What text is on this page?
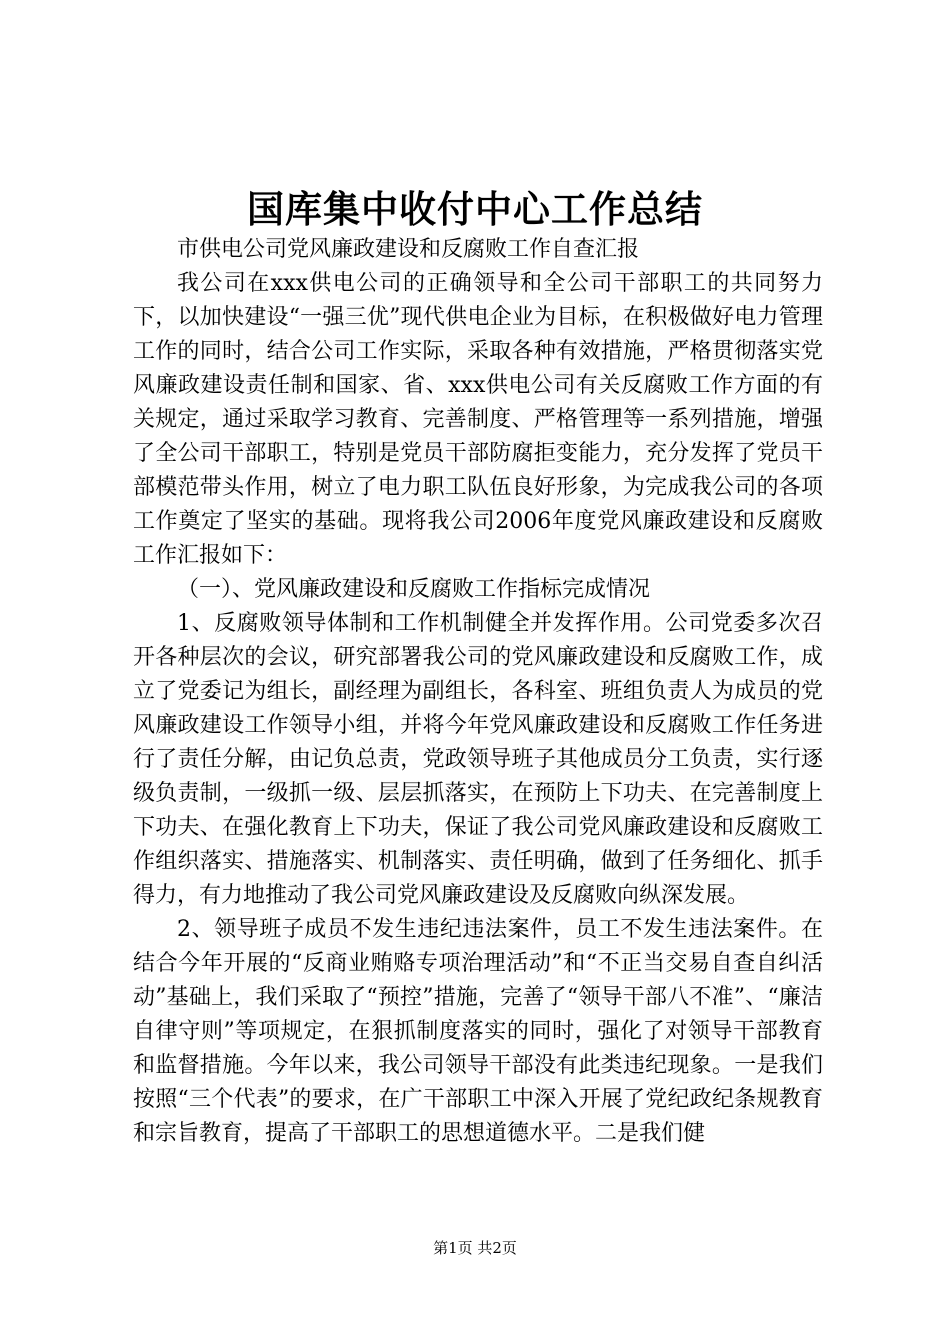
国库集中收付中心工作总结

市供电公司党风廉政建设和反腐败工作自查汇报

我公司在xxx供电公司的正确领导和全公司干部职工的共同努力下，以加快建设“一强三优”现代供电企业为目标，在积极做好电力管理工作的同时，结合公司工作实际，采取各种有效措施，严格贯彻落实党风廉政建设责任制和国家、省、xxx供电公司有关反腐败工作方面的有关规定，通过采取学习教育、完善制度、严格管理等一系列措施，增强了全公司干部职工，特别是党员干部防腐拒变能力，充分发挥了党员干部模范带头作用，树立了电力职工队伍良好形象，为完成我公司的各项工作奠定了坚实的基础。现将我公司2006年度党风廉政建设和反腐败工作汇报如下：

（一）、党风廉政建设和反腐败工作指标完成情况

1、反腐败领导体制和工作机制健全并发挥作用。公司党委多次召开各种层次的会议，研究部署我公司的党风廉政建设和反腐败工作，成立了党委记为组长，副经理为副组长，各科室、班组负责人为成员的党风廉政建设工作领导小组，并将今年党风廉政建设和反腐败工作任务进行了责任分解，由记负总责，党政领导班子其他成员分工负责，实行逐级负责制，一级抓一级、层层抓落实，在预防上下功夫、在完善制度上下功夫、在强化教育上下功夫，保证了我公司党风廉政建设和反腐败工作组织落实、措施落实、机制落实、责任明确，做到了任务细化、抓手得力，有力地推动了我公司党风廉政建设及反腐败向纵深发展。

2、领导班子成员不发生违纪违法案件，员工不发生违法案件。在结合今年开展的“反商业贿赂专项治理活动”和“不正当交易自查自纠活动”基础上，我们采取了“预控”措施，完善了“领导干部八不准”、“廉洁自律守则”等项规定，在狠抓制度落实的同时，强化了对领导干部教育和监督措施。今年以来，我公司领导干部没有此类违纪现象。一是我们按照“三个代表”的要求，在广干部职工中深入开展了党纪政纪条规教育和宗旨教育，提高了干部职工的思想道德水平。二是我们健

第1页 共2页
